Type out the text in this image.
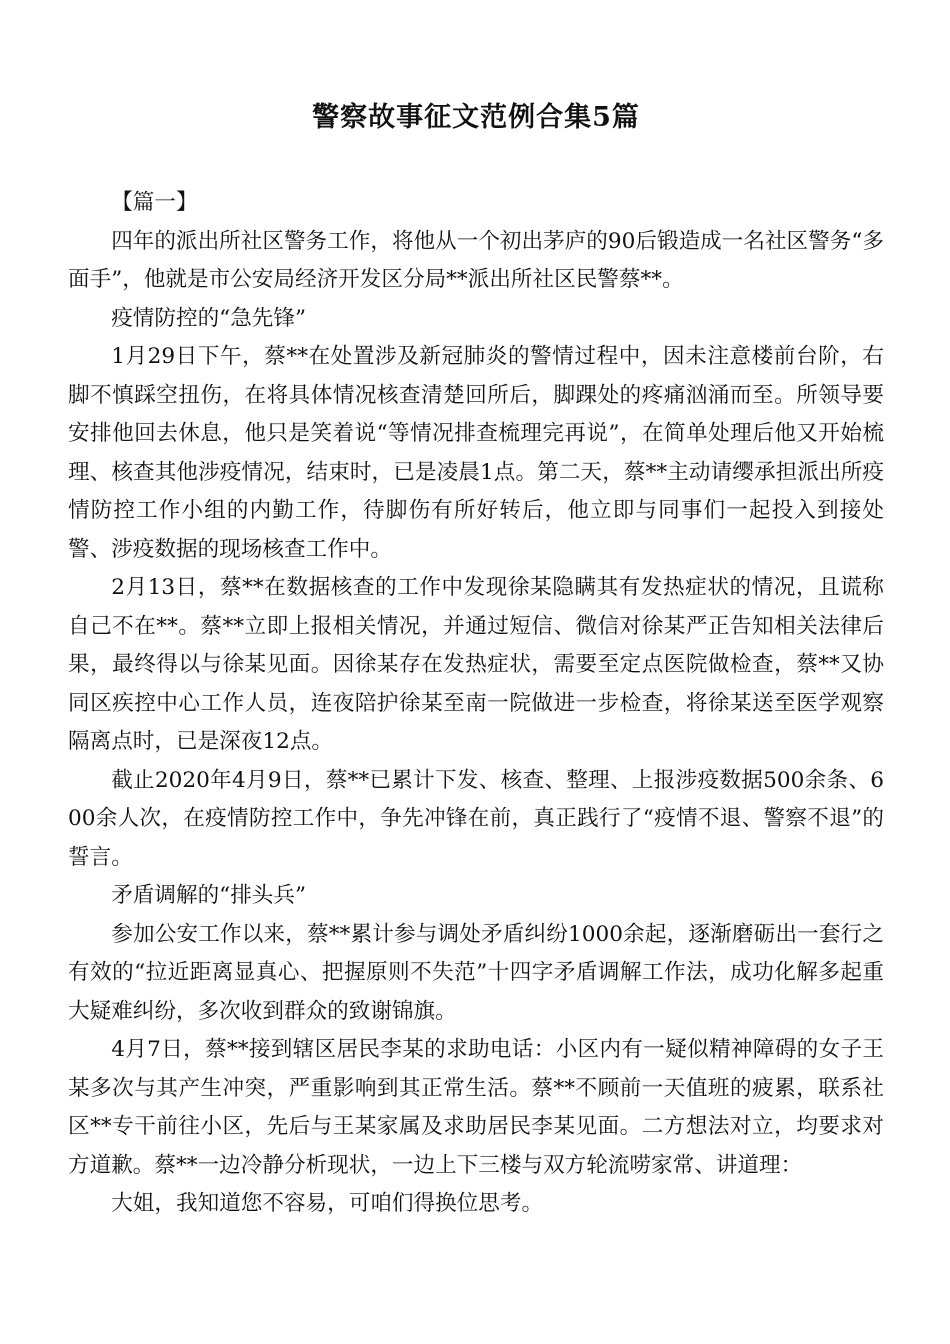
警察故事征文范例合集5篇

【篇一】

四年的派出所社区警务工作，将他从一个初出茅庐的90后锻造成一名社区警务“多面手”，他就是市公安局经济开发区分局**派出所社区民警蔡**。

疫情防控的“急先锋”

1月29日下午，蔡**在处置涉及新冠肺炎的警情过程中，因未注意楼前台阶，右脚不慎踩空扭伤，在将具体情况核查清楚回所后，脚踝处的疼痛汹涌而至。所领导要安排他回去休息，他只是笑着说“等情况排查梳理完再说”，在简单处理后他又开始梳理、核查其他涉疫情况，结束时，已是凌晨1点。第二天，蔡**主动请缨承担派出所疫情防控工作小组的内勤工作，待脚伤有所好转后，他立即与同事们一起投入到接处警、涉疫数据的现场核查工作中。

2月13日，蔡**在数据核查的工作中发现徐某隐瞒其有发热症状的情况，且谎称自己不在**。蔡**立即上报相关情况，并通过短信、微信对徐某严正告知相关法律后果，最终得以与徐某见面。因徐某存在发热症状，需要至定点医院做检查，蔡**又协同区疾控中心工作人员，连夜陪护徐某至南一院做进一步检查，将徐某送至医学观察隔离点时，已是深夜12点。

截止2020年4月9日，蔡**已累计下发、核查、整理、上报涉疫数据500余条、600余人次，在疫情防控工作中，争先冲锋在前，真正践行了“疫情不退、警察不退”的誓言。

矛盾调解的“排头兵”

参加公安工作以来，蔡**累计参与调处矛盾纠纷1000余起，逐渐磨砺出一套行之有效的“拉近距离显真心、把握原则不失范”十四字矛盾调解工作法，成功化解多起重大疑难纠纷，多次收到群众的致谢锦旗。

4月7日，蔡**接到辖区居民李某的求助电话：小区内有一疑似精神障碍的女子王某多次与其产生冲突，严重影响到其正常生活。蔡**不顾前一天值班的疲累，联系社区**专干前往小区，先后与王某家属及求助居民李某见面。二方想法对立，均要求对方道歉。蔡**一边冷静分析现状，一边上下三楼与双方轮流唠家常、讲道理：

大姐，我知道您不容易，可咱们得换位思考。
